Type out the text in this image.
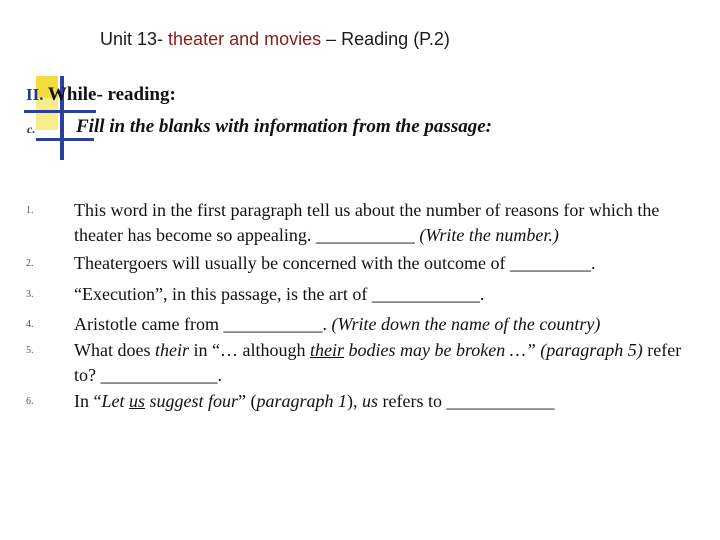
Unit 13- theater and movies – Reading (P.2)
II. While- reading:
c. Fill in the blanks with information from the passage:
1. This word in the first paragraph tell us about the number of reasons for which the theater has become so appealing. ___________ (Write the number.)
2. Theatergoers will usually be concerned with the outcome of _________.
3. “Execution”, in this passage, is the art of ____________.
4. Aristotle came from ___________. (Write down the name of the country)
5. What does their in “… although their bodies may be broken …” (paragraph 5) refer to? _____________.
6. In “Let us suggest four” (paragraph 1), us refers to ____________
